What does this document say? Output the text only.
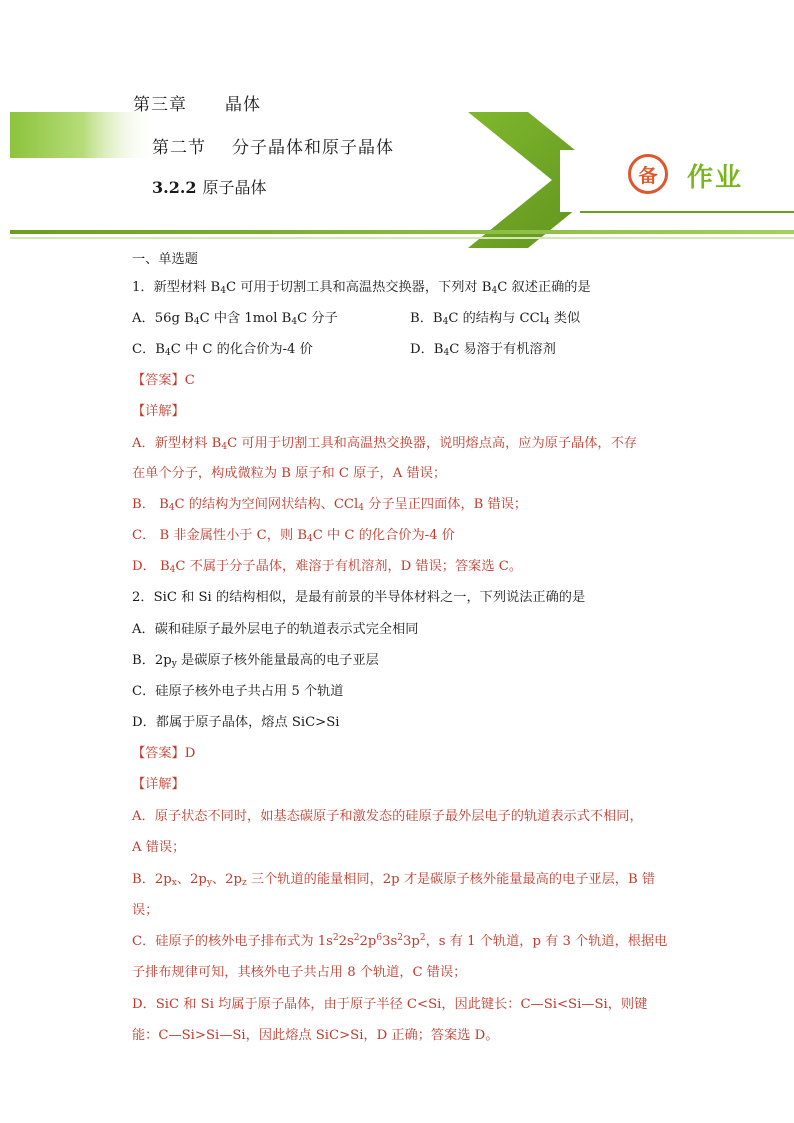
第三章 晶体
第二节 分子晶体和原子晶体
3.2.2 原子晶体
备	作业
一、单选题
1．新型材料 $B_4C$ 可用于切割工具和高温热交换器，下列对 $B_4C$ 叙述正确的是
A．56g $B_4C$ 中含 1mol $B_4C$ 分子	B．$B_4C$ 的结构与 CCl$_4$ 类似
C．$B_4C$ 中 C 的化合价为-4 价	D．$B_4C$ 易溶于有机溶剂
【答案】C
【详解】
A．新型材料 $B_4C$ 可用于切割工具和高温热交换器，说明熔点高，应为原子晶体，不存
在单个分子，构成微粒为 B 原子和 C 原子，A 错误；
B． $B_4C$ 的结构为空间网状结构、CCl$_4$ 分子呈正四面体，B 错误；
C． B 非金属性小于 C，则 $B_4C$ 中 C 的化合价为-4 价
D． $B_4C$ 不属于分子晶体，难溶于有机溶剂，D 错误；答案选 C。
2．SiC 和 Si 的结构相似，是最有前景的半导体材料之一，下列说法正确的是
A．碳和硅原子最外层电子的轨道表示式完全相同
B．$2p_y$ 是碳原子核外能量最高的电子亚层
C．硅原子核外电子共占用 5 个轨道
D．都属于原子晶体，熔点 SiC>Si
【答案】D
【详解】
A．原子状态不同时，如基态碳原子和激发态的硅原子最外层电子的轨道表示式不相同，
A 错误；
B．$2p_x$、$2p_y$、$2p_z$ 三个轨道的能量相同，2p 才是碳原子核外能量最高的电子亚层，B 错
误；
C．硅原子的核外电子排布式为 $1s^22s^22p^63s^23p^2$，s 有 1 个轨道，p 有 3 个轨道，根据电
子排布规律可知，其核外电子共占用 8 个轨道，C 错误；
D．SiC 和 Si 均属于原子晶体，由于原子半径 C<Si，因此键长：C—Si<Si—Si，则键
能：C—Si>Si—Si，因此熔点 SiC>Si，D 正确；答案选 D。
